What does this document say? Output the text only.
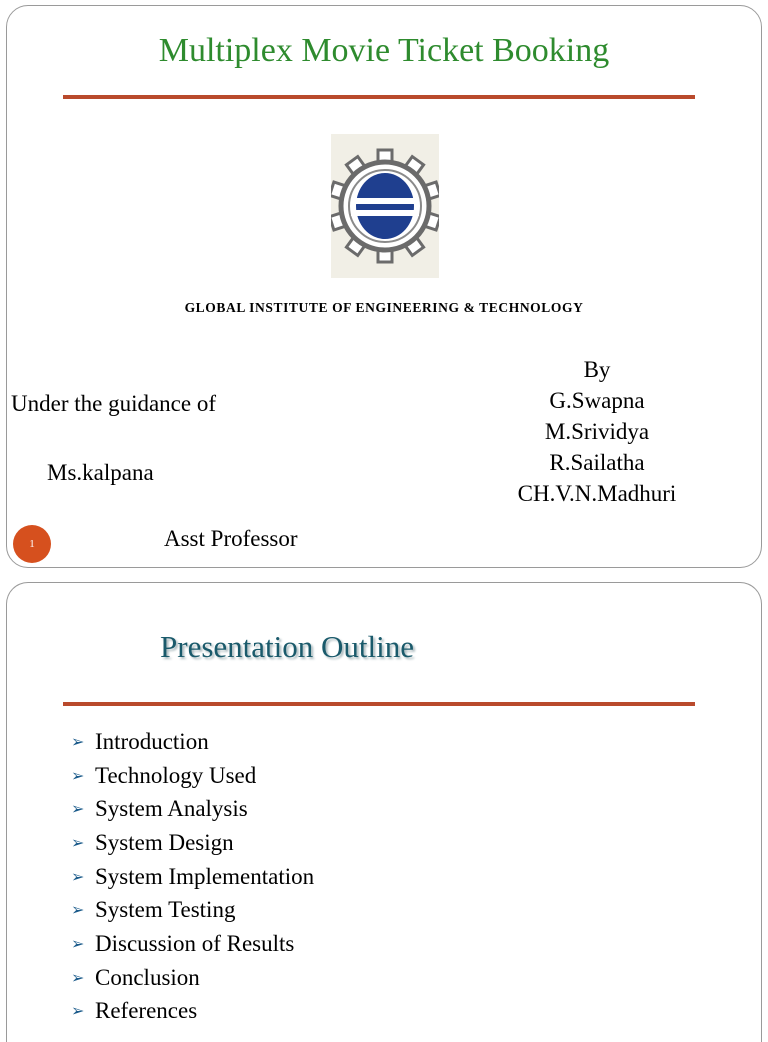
Multiplex Movie Ticket Booking
GLOBAL INSTITUTE OF ENGINEERING & TECHNOLOGY
Under the guidance of
Ms.kalpana
Asst Professor
By
G.Swapna
M.Srividya
R.Sailatha
CH.V.N.Madhuri
1
Presentation Outline
➢ Introduction
➢ Technology Used
➢ System Analysis
➢ System Design
➢ System Implementation
➢ System Testing
➢ Discussion of Results
➢ Conclusion
➢ References
